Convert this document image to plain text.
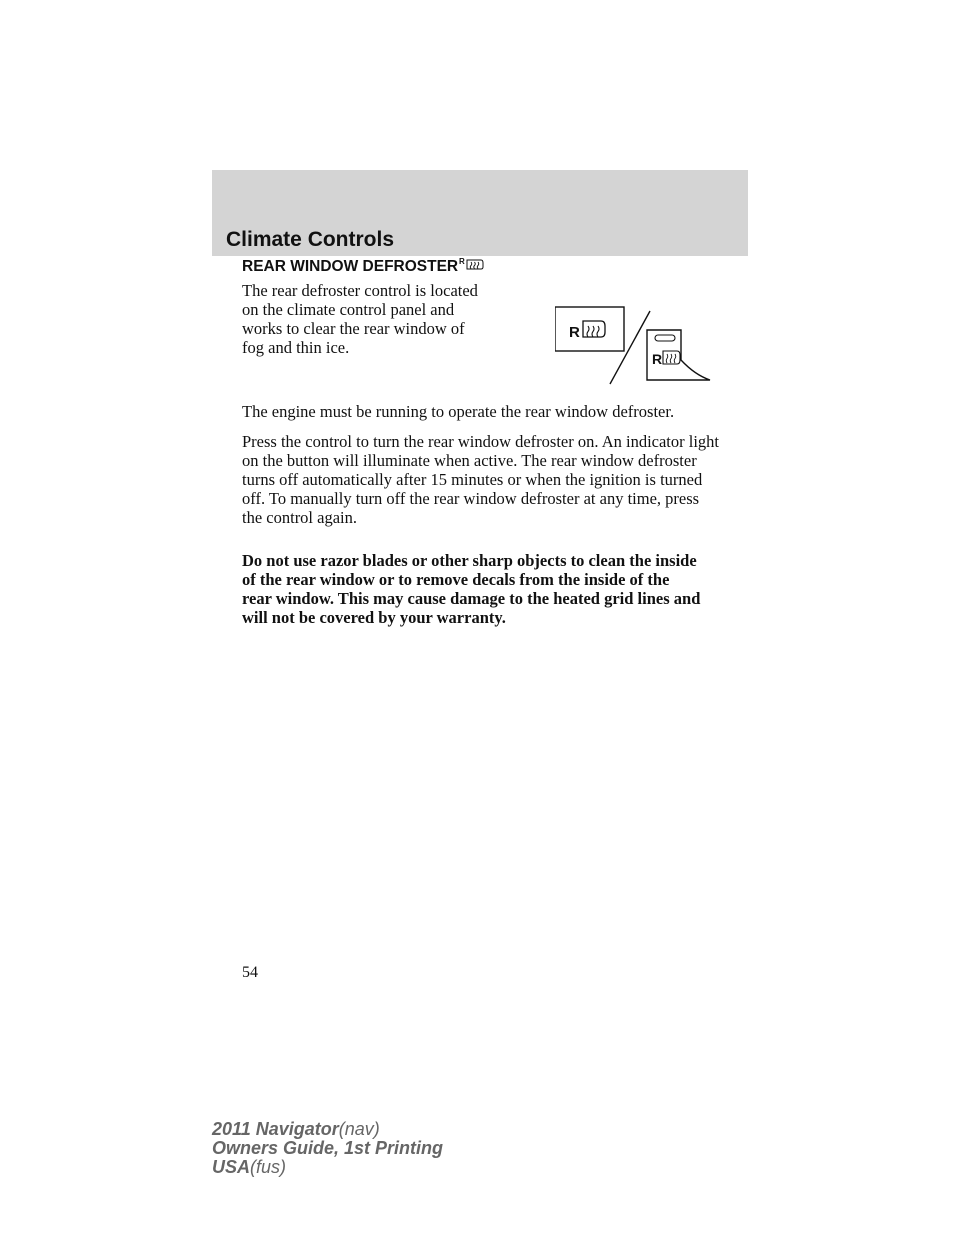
Climate Controls
REAR WINDOW DEFROSTER R
The rear defroster control is located
on the climate control panel and
works to clear the rear window of
fog and thin ice.
R
R
The engine must be running to operate the rear window defroster.
Press the control to turn the rear window defroster on. An indicator light
on the button will illuminate when active. The rear window defroster
turns off automatically after 15 minutes or when the ignition is turned
off. To manually turn off the rear window defroster at any time, press
the control again.
Do not use razor blades or other sharp objects to clean the inside
of the rear window or to remove decals from the inside of the
rear window. This may cause damage to the heated grid lines and
will not be covered by your warranty.
54
2011 Navigator(nav)
Owners Guide, 1st Printing
USA(fus)
